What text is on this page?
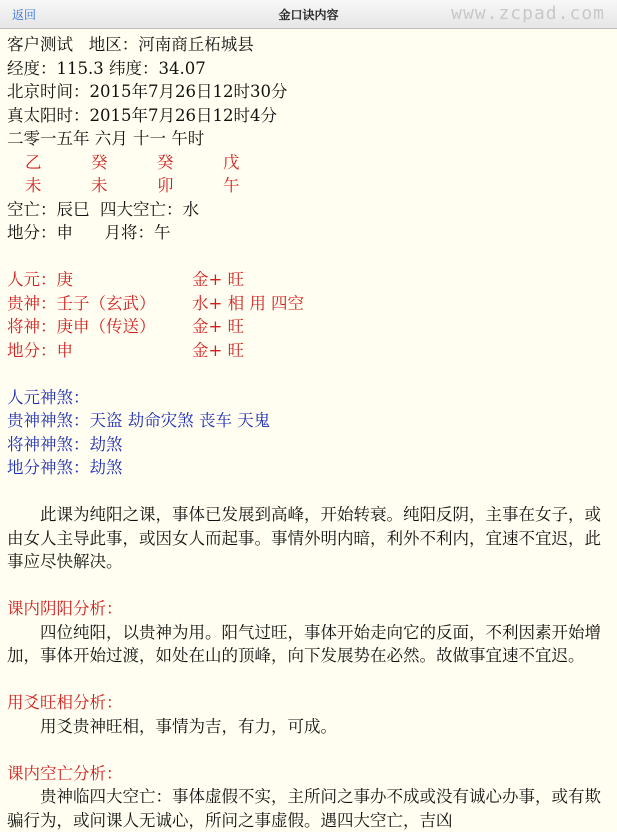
返回	金口诀内容	www.zcpad.com
客户测试 地区：河南商丘柘城县
经度：115.3 纬度：34.07
北京时间：2015年7月26日12时30分
真太阳时：2015年7月26日12时4分
二零一五年 六月 十一 午时
乙	癸	癸	戊
未	未	卯	午
空亡：辰巳 四大空亡：水
地分：申 月将：午
人元：庚	金+ 旺
贵神：壬子（玄武）	水+ 相 用 四空
将神：庚申（传送）	金+ 旺
地分：申	金+ 旺
人元神煞：
贵神神煞：天盗 劫命灾煞 丧车 天鬼
将神神煞：劫煞
地分神煞：劫煞
此课为纯阳之课，事体已发展到高峰，开始转衰。纯阳反阴，主事在女子，或由女人主导此事，或因女人而起事。事情外明内暗，利外不利内，宜速不宜迟，此事应尽快解决。
课内阴阳分析：
四位纯阳，以贵神为用。阳气过旺，事体开始走向它的反面，不利因素开始增加，事体开始过渡，如处在山的顶峰，向下发展势在必然。故做事宜速不宜迟。
用爻旺相分析：
用爻贵神旺相，事情为吉，有力，可成。
课内空亡分析：
贵神临四大空亡：事体虚假不实，主所问之事办不成或没有诚心办事，或有欺骗行为，或问课人无诚心，所问之事虚假。遇四大空亡，吉凶
